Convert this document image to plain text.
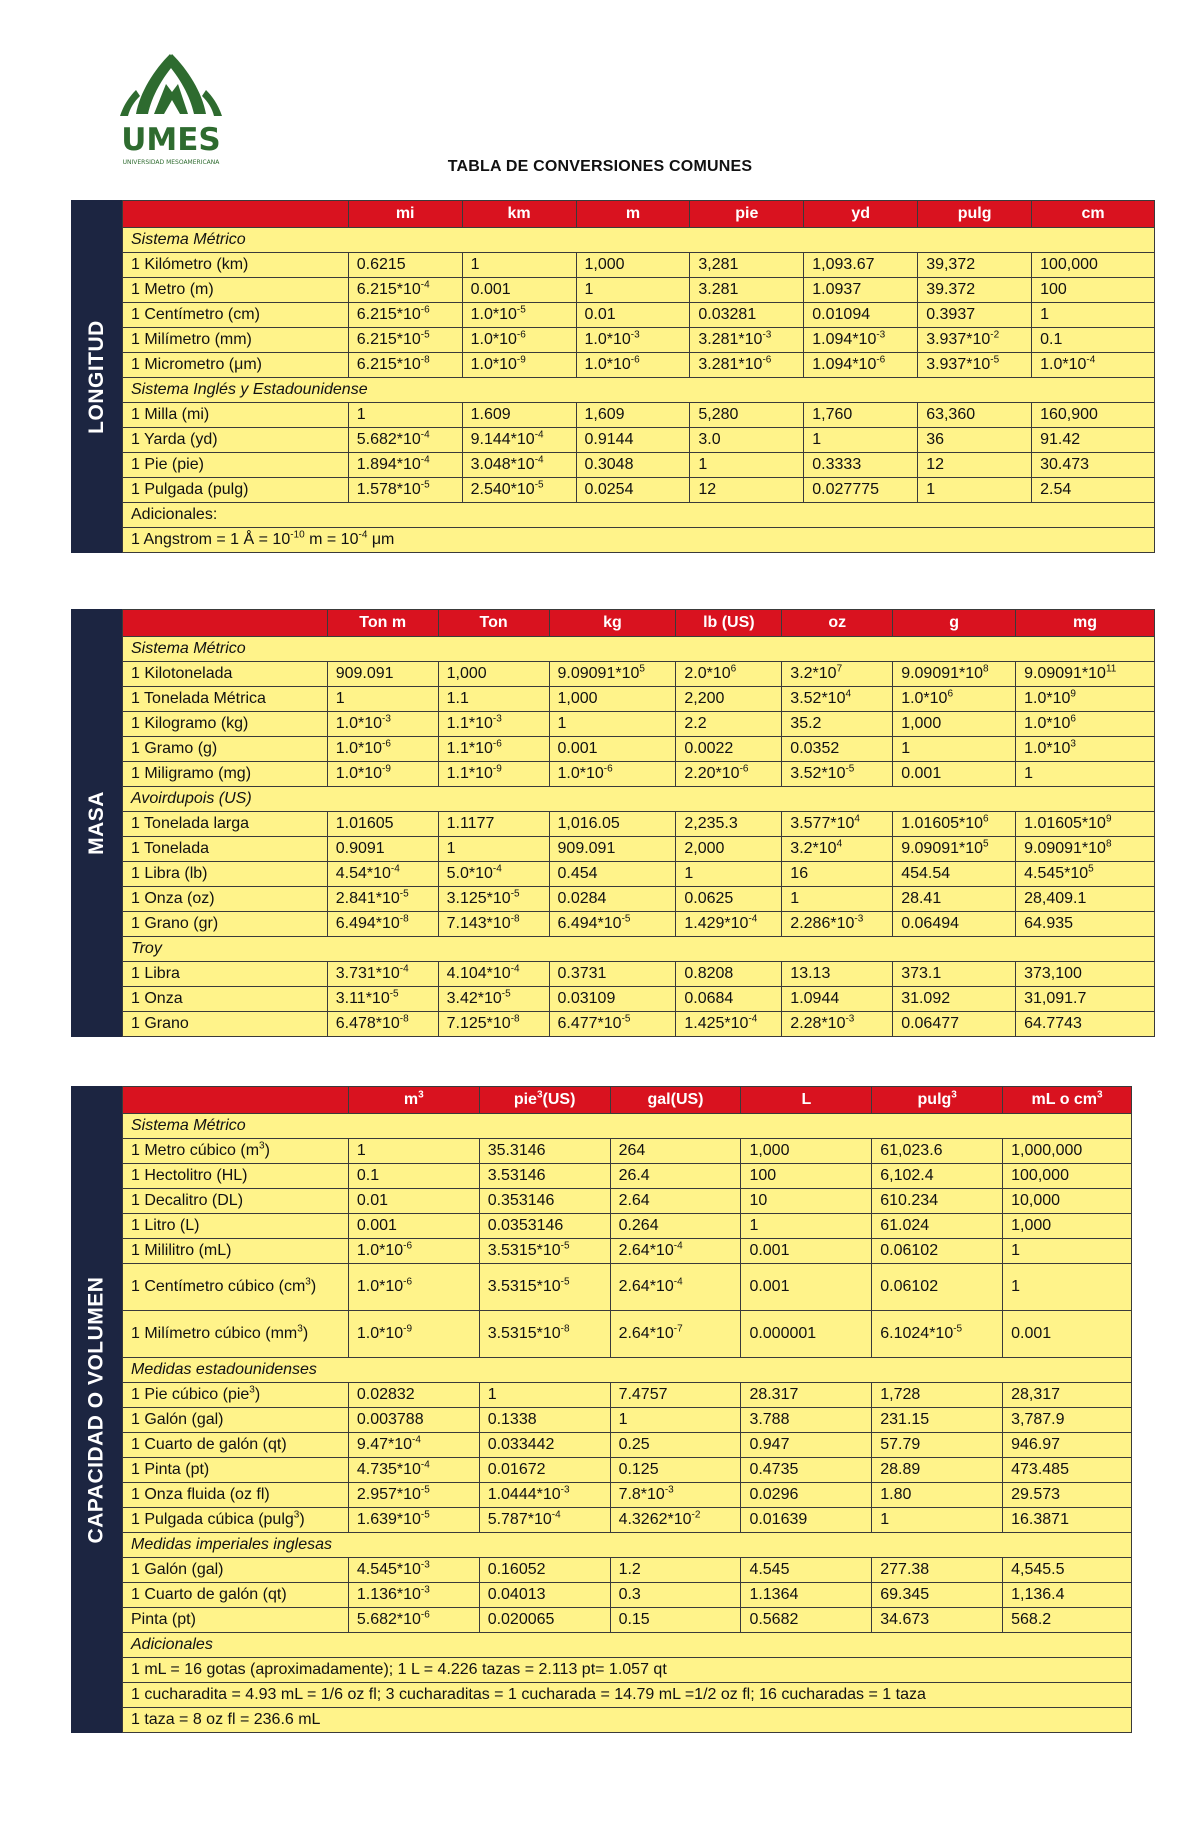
UMES
UNIVERSIDAD MESOAMERICANA	TABLA DE CONVERSIONES COMUNES
LONGITUD
	mi	km	m	pie	yd	pulg	cm
Sistema Métrico							
1 Kilómetro (km)	0.6215	1	1,000	3,281	1,093.67	39,372	100,000
1 Metro (m)	$6.215*10^{-4}$	0.001	1	3.281	1.0937	39.372	100
1 Centímetro (cm)	$6.215*10^{-6}$	$1.0*10^{-5}$	0.01	0.03281	0.01094	0.3937	1
1 Milímetro (mm)	$6.215*10^{-5}$	$1.0*10^{-6}$	$1.0*10^{-3}$	$3.281*10^{-3}$	$1.094*10^{-3}$	$3.937*10^{-2}$	0.1
1 Micrometro (μm)	$6.215*10^{-8}$	$1.0*10^{-9}$	$1.0*10^{-6}$	$3.281*10^{-6}$	$1.094*10^{-6}$	$3.937*10^{-5}$	$1.0*10^{-4}$
Sistema Inglés y Estadounidense							
1 Milla (mi)	1	1.609	1,609	5,280	1,760	63,360	160,900
1 Yarda (yd)	$5.682*10^{-4}$	$9.144*10^{-4}$	0.9144	3.0	1	36	91.42
1 Pie (pie)	$1.894*10^{-4}$	$3.048*10^{-4}$	0.3048	1	0.3333	12	30.473
1 Pulgada (pulg)	$1.578*10^{-5}$	$2.540*10^{-5}$	0.0254	12	0.027775	1	2.54
Adicionales:							
1 Angstrom = 1 Å = $10^{-10}$ $m = 10^{-4}$ μm							
MASA
	Ton m	Ton	kg	lb (US)	oz	g	mg
Sistema Métrico							
1 Kilotonelada	909.091	1,000	$9.09091*10^5$	$2.0*10^6$	$3.2*10^7$	$9.09091*10^8$	$9.09091*10^{11}$
1 Tonelada Métrica	1	1.1	1,000	2,200	$3.52*10^4$	$1.0*10^6$	$1.0*10^9$
1 Kilogramo (kg)	$1.0*10^{-3}$	$1.1*10^{-3}$	1	2.2	35.2	1,000	$1.0*10^6$
1 Gramo (g)	$1.0*10^{-6}$	$1.1*10^{-6}$	0.001	0.0022	0.0352	1	$1.0*10^3$
1 Miligramo (mg)	$1.0*10^{-9}$	$1.1*10^{-9}$	$1.0*10^{-6}$	$2.20*10^{-6}$	$3.52*10^{-5}$	0.001	1
Avoirdupois (US)							
1 Tonelada larga	1.01605	1.1177	1,016.05	2,235.3	$3.577*10^4$	$1.01605*10^6$	$1.01605*10^9$
1 Tonelada	0.9091	1	909.091	2,000	$3.2*10^4$	$9.09091*10^5$	$9.09091*10^8$
1 Libra (lb)	$4.54*10^{-4}$	$5.0*10^{-4}$	0.454	1	16	454.54	$4.545*10^5$
1 Onza (oz)	$2.841*10^{-5}$	$3.125*10^{-5}$	0.0284	0.0625	1	28.41	28,409.1
1 Grano (gr)	$6.494*10^{-8}$	$7.143*10^{-8}$	$6.494*10^{-5}$	$1.429*10^{-4}$	$2.286*10^{-3}$	0.06494	64.935
Troy							
1 Libra	$3.731*10^{-4}$	$4.104*10^{-4}$	0.3731	0.8208	13.13	373.1	373,100
1 Onza	$3.11*10^{-5}$	$3.42*10^{-5}$	0.03109	0.0684	1.0944	31.092	31,091.7
1 Grano	$6.478*10^{-8}$	$7.125*10^{-8}$	$6.477*10^{-5}$	$1.425*10^{-4}$	$2.28*10^{-3}$	0.06477	64.7743
CAPACIDAD O VOLUMEN
	$m^3$	pie$^3$(US)	gal(US)	L	pulg$^3$	mL o $cm^3$
Sistema Métrico						
1 Metro cúbico $(m^3)$	1	35.3146	264	1,000	61,023.6	1,000,000
1 Hectolitro (HL)	0.1	3.53146	26.4	100	6,102.4	100,000
1 Decalitro (DL)	0.01	0.353146	2.64	10	610.234	10,000
1 Litro (L)	0.001	0.0353146	0.264	1	61.024	1,000
1 Mililitro (mL)	$1.0*10^{-6}$	$3.5315*10^{-5}$	$2.64*10^{-4}$	0.001	0.06102	1
1 Centímetro cúbico $(cm^3)$	$1.0*10^{-6}$	$3.5315*10^{-5}$	$2.64*10^{-4}$	0.001	0.06102	1
1 Milímetro cúbico $(mm^3)$	$1.0*10^{-9}$	$3.5315*10^{-8}$	$2.64*10^{-7}$	0.000001	$6.1024*10^{-5}$	0.001
Medidas estadounidenses						
1 Pie cúbico (pie$^3$)	0.02832	1	7.4757	28.317	1,728	28,317
1 Galón (gal)	0.003788	0.1338	1	3.788	231.15	3,787.9
1 Cuarto de galón (qt)	$9.47*10^{-4}$	0.033442	0.25	0.947	57.79	946.97
1 Pinta (pt)	$4.735*10^{-4}$	0.01672	0.125	0.4735	28.89	473.485
1 Onza fluida (oz fl)	$2.957*10^{-5}$	$1.0444*10^{-3}$	$7.8*10^{-3}$	0.0296	1.80	29.573
1 Pulgada cúbica (pulg$^3$)	$1.639*10^{-5}$	$5.787*10^{-4}$	$4.3262*10^{-2}$	0.01639	1	16.3871
Medidas imperiales inglesas						
1 Galón (gal)	$4.545*10^{-3}$	0.16052	1.2	4.545	277.38	4,545.5
1 Cuarto de galón (qt)	$1.136*10^{-3}$	0.04013	0.3	1.1364	69.345	1,136.4
Pinta (pt)	$5.682*10^{-6}$	0.020065	0.15	0.5682	34.673	568.2
Adicionales						
1 mL = 16 gotas (aproximadamente); 1 L = 4.226 tazas = 2.113 pt= 1.057 qt						
1 cucharadita = 4.93 mL = 1/6 oz fl; 3 cucharaditas = 1 cucharada = 14.79 mL =1/2 oz fl; 16 cucharadas = 1 taza						
1 taza = 8 oz fl = 236.6 mL						
